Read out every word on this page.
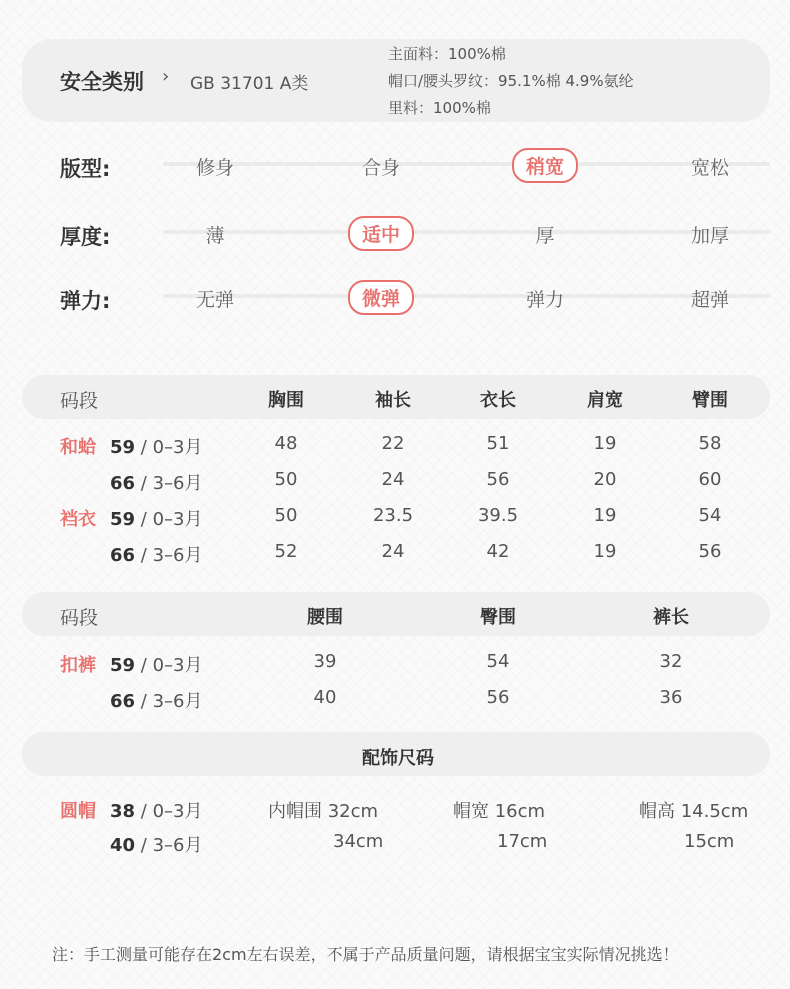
安全类别 › GB 31701 A类
主面料：100%棉
帽口/腰头罗纹：95.1%棉 4.9%氨纶
里料：100%棉
版型:	修身	合身	稍宽	宽松
厚度:	薄	适中	厚	加厚
弹力:	无弹	微弹	弹力	超弹
码段	胸围	袖长	衣长	肩宽	臂围
和蛤 59 / 0–3月	48	22	51	19	58
66 / 3–6月	50	24	56	20	60
裆衣 59 / 0–3月	50	23.5	39.5	19	54
66 / 3–6月	52	24	42	19	56
码段	腰围	臀围	裤长
扣裤 59 / 0–3月	39	54	32
66 / 3–6月	40	56	36
配饰尺码
圆帽 38 / 0–3月	内帽围 32cm	帽宽 16cm	帽高 14.5cm
40 / 3–6月	34cm	17cm	15cm
注：手工测量可能存在2cm左右误差，不属于产品质量问题，请根据宝宝实际情况挑选！
